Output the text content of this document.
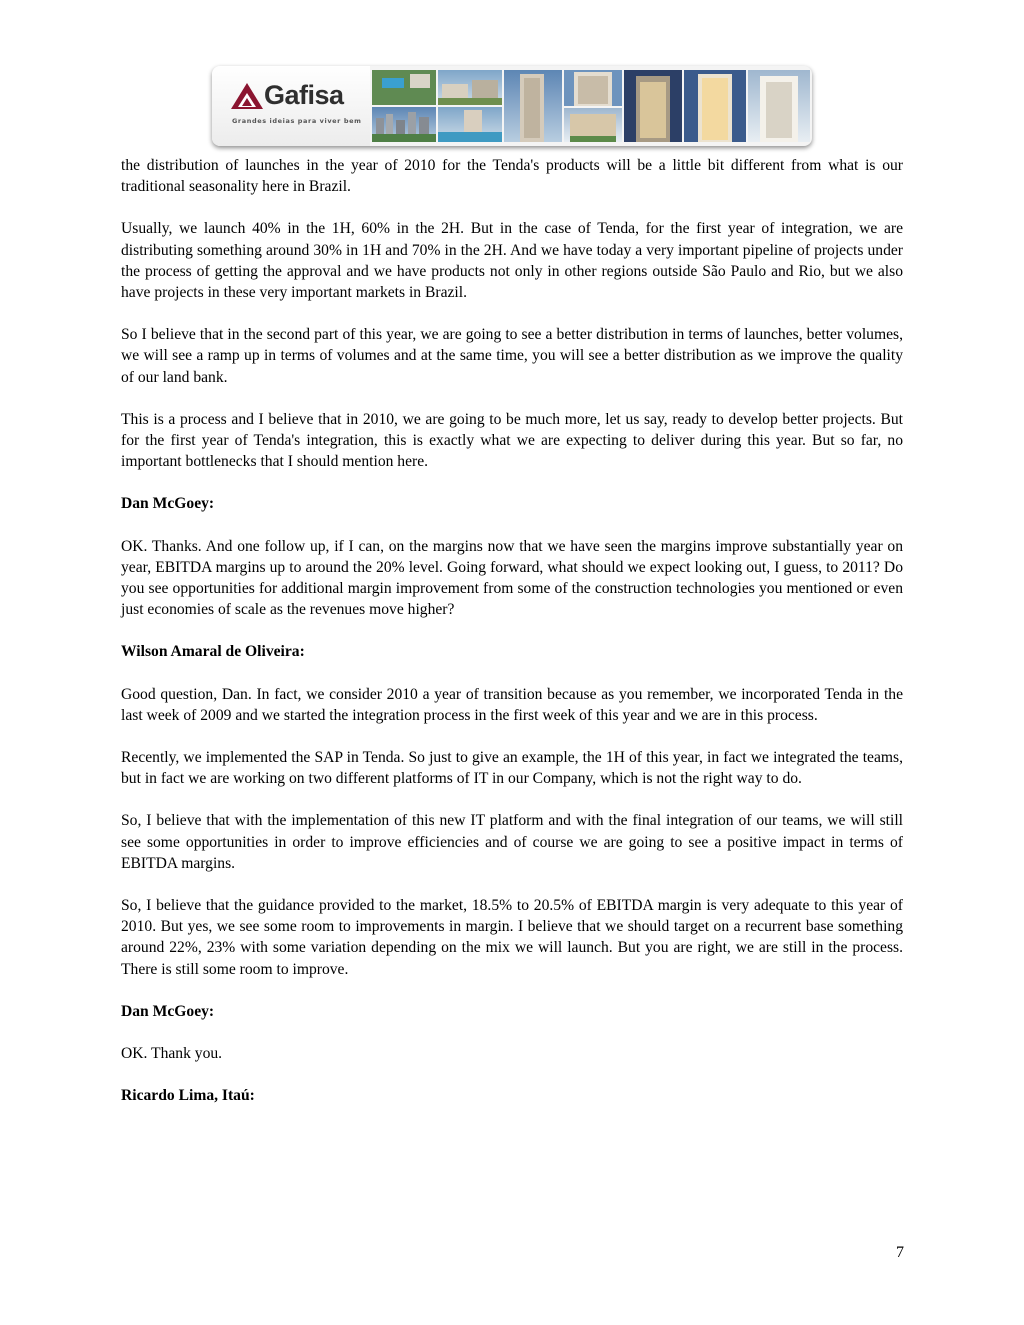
Gafisa
Grandes ideias para viver bem

the distribution of launches in the year of 2010 for the Tenda's products will be a little bit different from what is our traditional seasonality here in Brazil.

Usually, we launch 40% in the 1H, 60% in the 2H. But in the case of Tenda, for the first year of integration, we are distributing something around 30% in 1H and 70% in the 2H. And we have today a very important pipeline of projects under the process of getting the approval and we have products not only in other regions outside São Paulo and Rio, but we also have projects in these very important markets in Brazil.

So I believe that in the second part of this year, we are going to see a better distribution in terms of launches, better volumes, we will see a ramp up in terms of volumes and at the same time, you will see a better distribution as we improve the quality of our land bank.

This is a process and I believe that in 2010, we are going to be much more, let us say, ready to develop better projects. But for the first year of Tenda's integration, this is exactly what we are expecting to deliver during this year. But so far, no important bottlenecks that I should mention here.

Dan McGoey:

OK. Thanks. And one follow up, if I can, on the margins now that we have seen the margins improve substantially year on year, EBITDA margins up to around the 20% level. Going forward, what should we expect looking out, I guess, to 2011? Do you see opportunities for additional margin improvement from some of the construction technologies you mentioned or even just economies of scale as the revenues move higher?

Wilson Amaral de Oliveira:

Good question, Dan. In fact, we consider 2010 a year of transition because as you remember, we incorporated Tenda in the last week of 2009 and we started the integration process in the first week of this year and we are in this process.

Recently, we implemented the SAP in Tenda. So just to give an example, the 1H of this year, in fact we integrated the teams, but in fact we are working on two different platforms of IT in our Company, which is not the right way to do.

So, I believe that with the implementation of this new IT platform and with the final integration of our teams, we will still see some opportunities in order to improve efficiencies and of course we are going to see a positive impact in terms of EBITDA margins.

So, I believe that the guidance provided to the market, 18.5% to 20.5% of EBITDA margin is very adequate to this year of 2010. But yes, we see some room to improvements in margin. I believe that we should target on a recurrent base something around 22%, 23% with some variation depending on the mix we will launch. But you are right, we are still in the process. There is still some room to improve.

Dan McGoey:

OK. Thank you.

Ricardo Lima, Itaú:

7
